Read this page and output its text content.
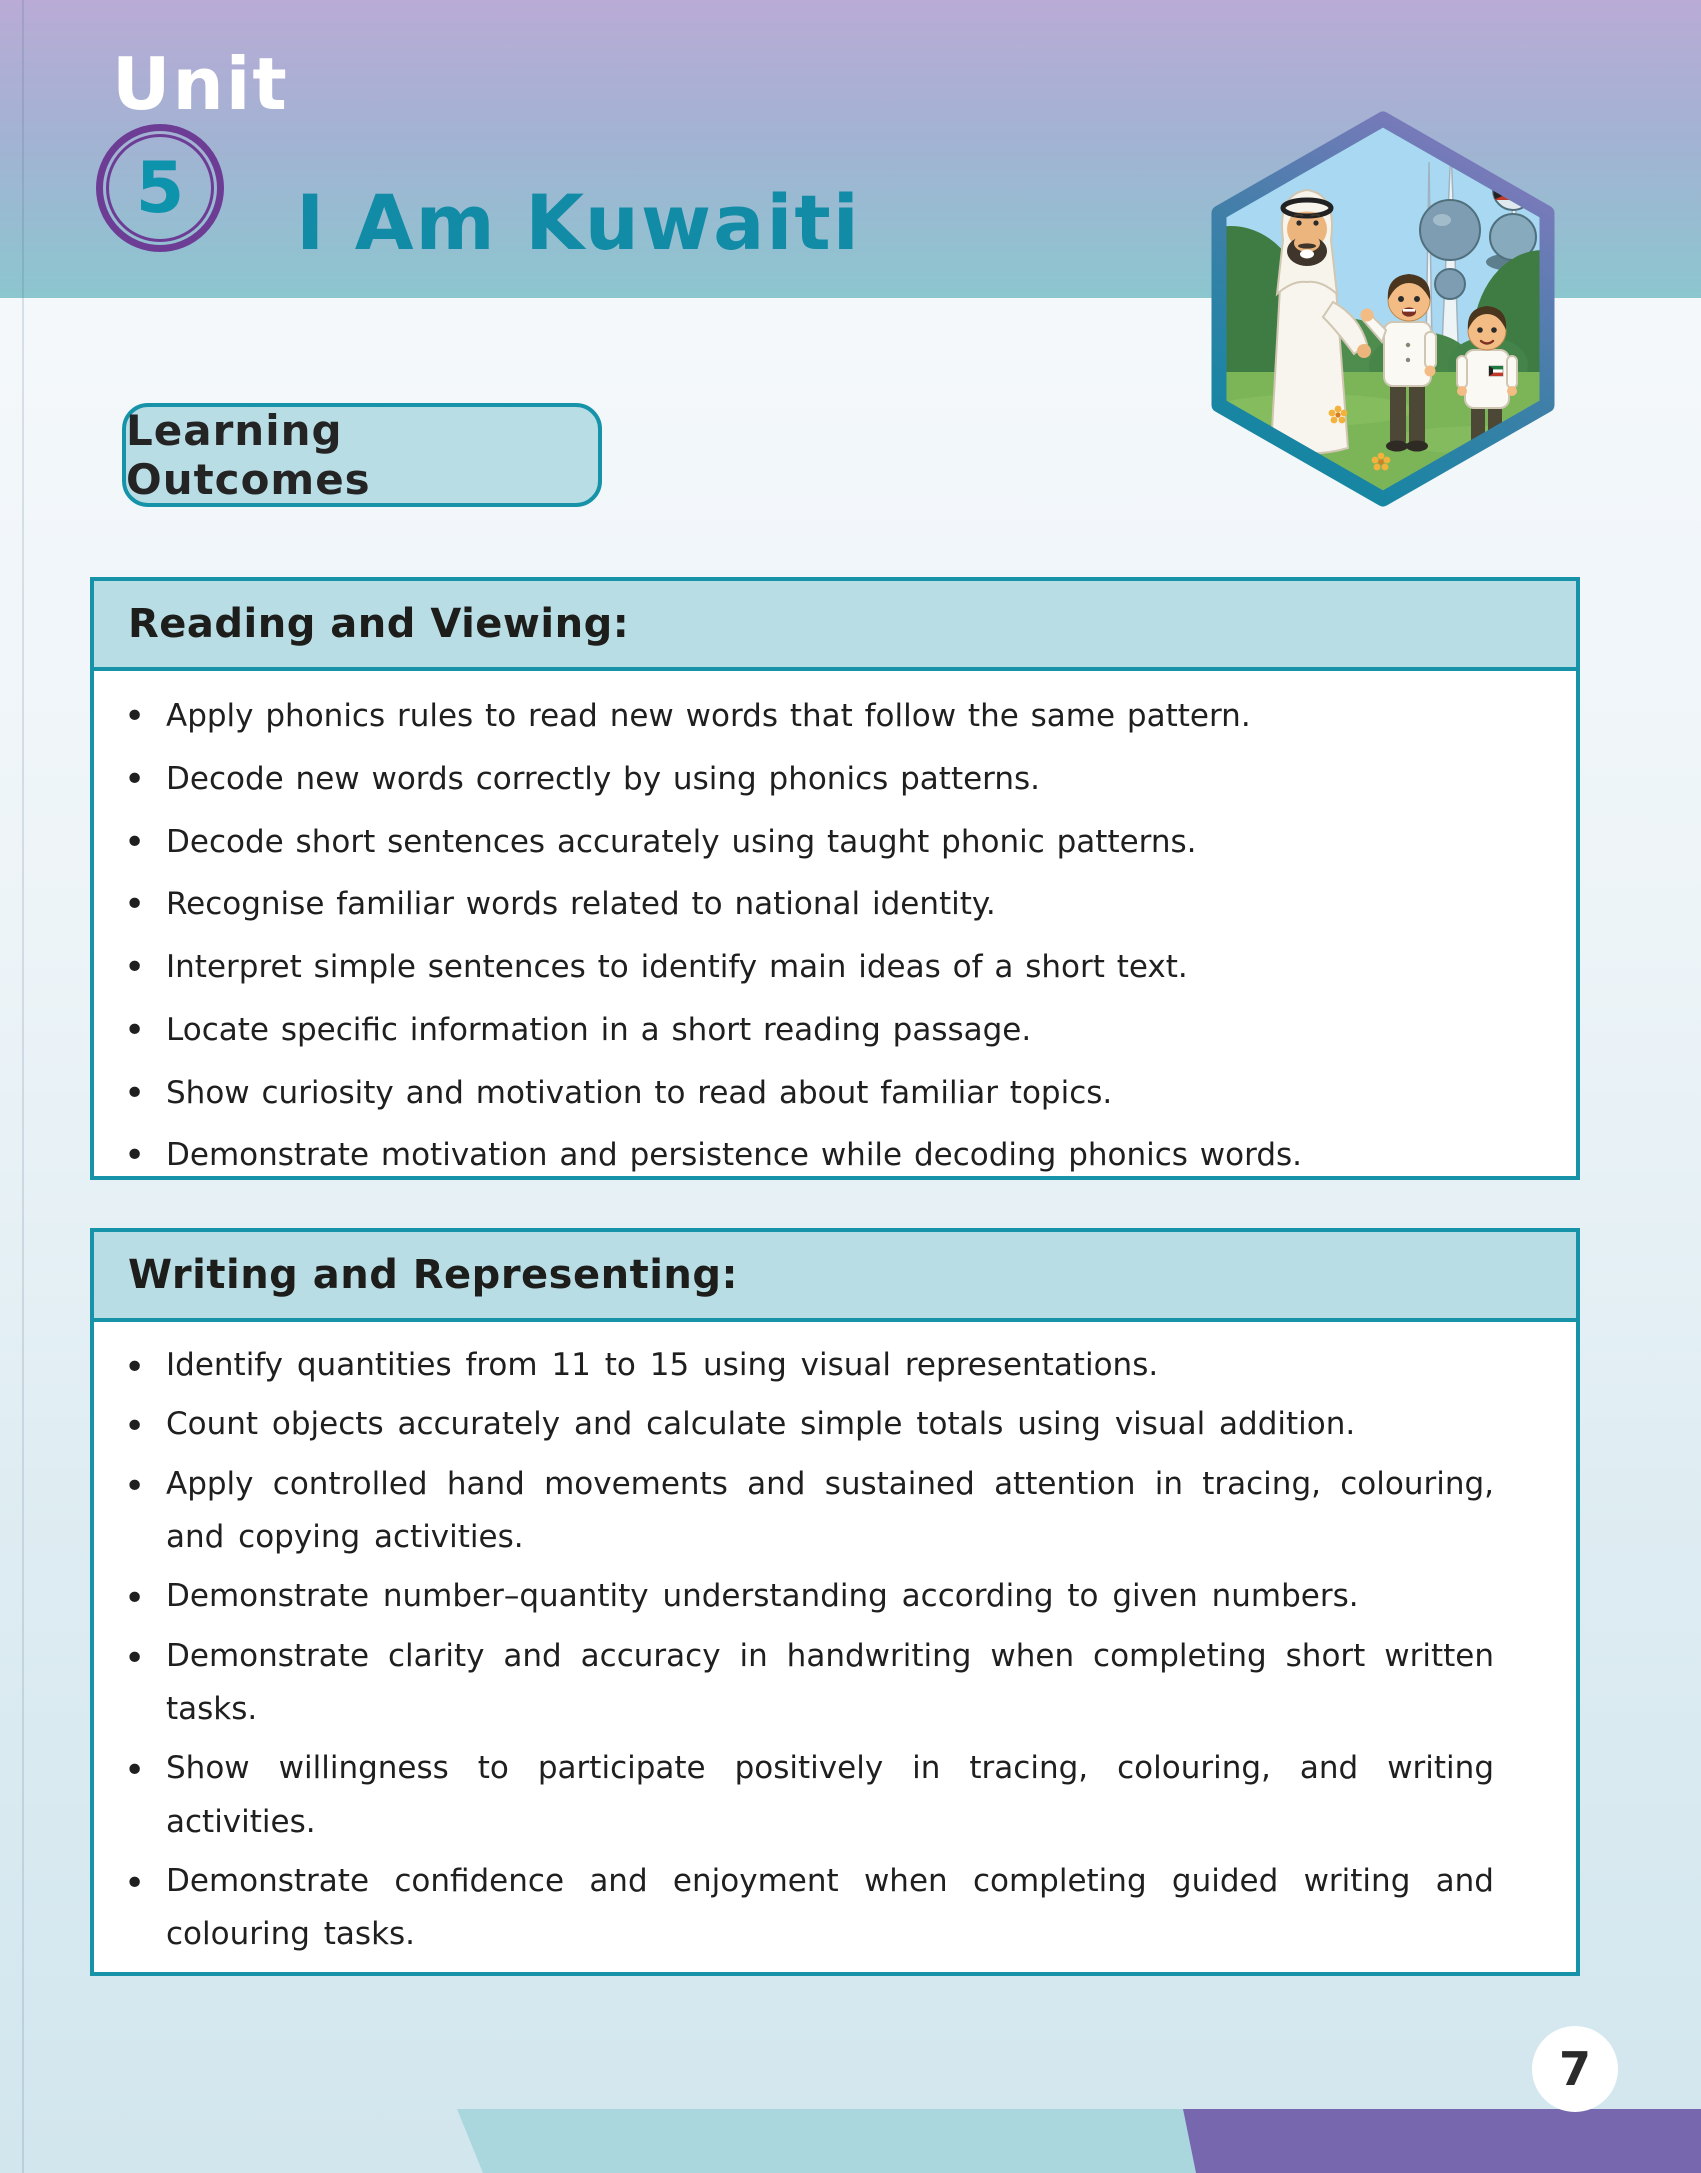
Unit
5 I Am Kuwaiti
Learning Outcomes
Reading and Viewing:
• Apply phonics rules to read new words that follow the same pattern.
• Decode new words correctly by using phonics patterns.
• Decode short sentences accurately using taught phonic patterns.
• Recognise familiar words related to national identity.
• Interpret simple sentences to identify main ideas of a short text.
• Locate specific information in a short reading passage.
• Show curiosity and motivation to read about familiar topics.
• Demonstrate motivation and persistence while decoding phonics words.
Writing and Representing:
• Identify quantities from 11 to 15 using visual representations.
• Count objects accurately and calculate simple totals using visual addition.
• Apply controlled hand movements and sustained attention in tracing, colouring, and copying activities.
• Demonstrate number–quantity understanding according to given numbers.
• Demonstrate clarity and accuracy in handwriting when completing short written tasks.
• Show willingness to participate positively in tracing, colouring, and writing activities.
• Demonstrate confidence and enjoyment when completing guided writing and colouring tasks.
7
